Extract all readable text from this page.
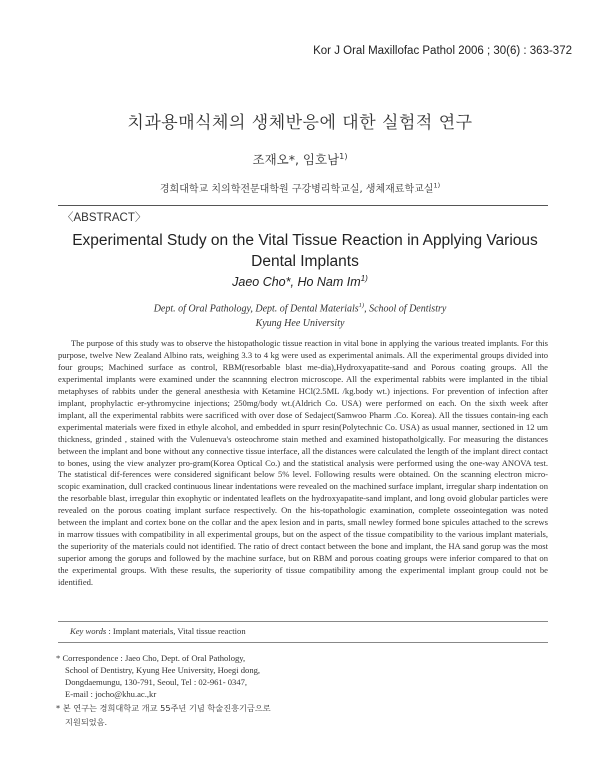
Kor J Oral Maxillofac Pathol 2006 ; 30(6) : 363-372
치과용매식체의 생체반응에 대한 실험적 연구
조재오*, 임호남$^{1)}$
경희대학교 치의학전문대학원 구강병리학교실, 생체재료학교실$^{1)}$
〈ABSTRACT〉
Experimental Study on the Vital Tissue Reaction in Applying Various
Dental Implants
Jaeo Cho*, Ho Nam Im$^{1)}$
Dept. of Oral Pathology, Dept. of Dental Materials$^{1)}$, School of Dentistry
Kyung Hee University

The purpose of this study was to observe the histopathologic tissue reaction in vital bone in applying the various treated implants. For this purpose, twelve New Zealand Albino rats, weighing 3.3 to 4 kg were used as experimental animals. All the experimental groups divided into four groups; Machined surface as control, RBM(resorbable blast me-dia),Hydroxyapatite-sand and Porous coating groups. All the experimental implants were examined under the scannning electron microscope. All the experimental rabbits were implanted in the tibial metaphyses of rabbits under the general anesthesia with Ketamine HCl(2.5ML /kg.body wt.) injections. For prevention of infection after implant, prophylactic er-ythromycine injections; 250mg/body wt.(Aldrich Co. USA) were performed on each. On the sixth week after implant, all the experimental rabbits were sacrificed with over dose of Sedaject(Samwoo Pharm .Co. Korea). All the tissues contain-ing each experimental materials were fixed in ethyle alcohol, and embedded in spurr resin(Polytechnic Co. USA) as usual manner, sectioned in 12 um thickness, grinded , stained with the Vulenueva's osteochrome stain methed and examined histopatholgically. For measuring the distances between the implant and bone without any connective tissue interface, all the distances were calculated the length of the implant direct contact to bones, using the view analyzer pro-gram(Korea Optical Co.) and the statistical analysis were performed using the one-way ANOVA test. The statistical dif-ferences were considered significant below 5% level. Following results were obtained. On the scanning electron micro-scopic examination, dull cracked continuous linear indentations were revealed on the machined surface implant, irregular sharp indentation on the resorbable blast, irregular thin exophytic or indentated leaflets on the hydroxyapatite-sand implant, and long ovoid globular particles were revealed on the porous coating implant surface respectively. On the his-topathologic examination, complete osseointegation was noted between the implant and cortex bone on the collar and the apex lesion and in parts, small newley formed bone spicules attached to the screws in marrow tissues with compatibility in all experimental groups, but on the aspect of the tissue compatibility to the various implant materials, the superiority of the materials could not identified. The ratio of drect contact between the bone and implant, the HA sand gorup was the most superior among the gorups and followed by the machine surface, but on RBM and porous coating groups were inferior compared to that on the experimental groups. With these results, the superiority of tissue compatibility among the experimental implant group could not be identified.

Key words : Implant materials, Vital tissue reaction

* Correspondence : Jaeo Cho, Dept. of Oral Pathology,

School of Dentistry, Kyung Hee University, Hoegi dong,

Dongdaemungu, 130-791, Seoul, Tel : 02-961- 0347,

E-mail : jocho@khu.ac.,kr

* 본 연구는 경희대학교 개교 55주년 기념 학술진흥기금으로

지원되었음.
